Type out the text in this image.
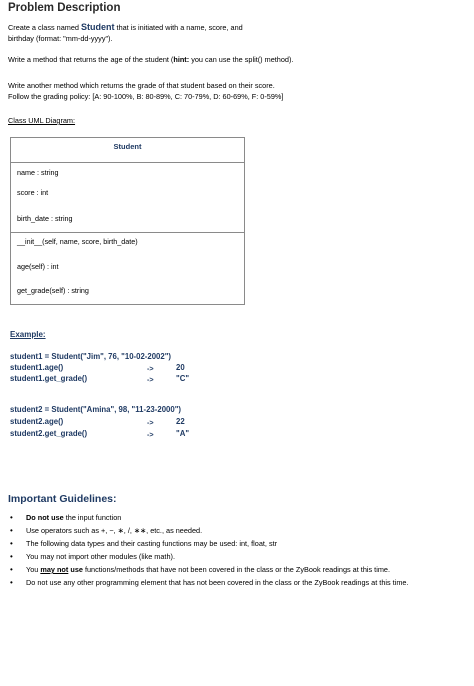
Problem Description
Create a class named Student that is initiated with a name, score, and
birthday (format: "mm-dd-yyyy").
Write a method that returns the age of the student (hint: you can use the split() method).
Write another method which returns the grade of that student based on their score.
Follow the grading policy: [A: 90-100%, B: 80-89%, C: 70-79%, D: 60-69%, F: 0-59%]
Class UML Diagram:
Student
name : string
score : int
birth_date : string
__init__(self, name, score, birth_date)
age(self) : int
get_grade(self) : string
Example:
student1 = Student("Jim", 76, "10-02-2002")
student1.age()	->	20
student1.get_grade()	->	"C"
student2 = Student("Amina", 98, "11-23-2000")
student2.age()	->	22
student2.get_grade()	->	"A"
Important Guidelines:
• Do not use the input function
• Use operators such as +, −, ∗, /, ∗∗, etc., as needed.
• The following data types and their casting functions may be used: int, float, str
• You may not import other modules (like math).
• You may not use functions/methods that have not been covered in the class or the ZyBook readings at this time.
• Do not use any other programming element that has not been covered in the class or the ZyBook readings at this time.
